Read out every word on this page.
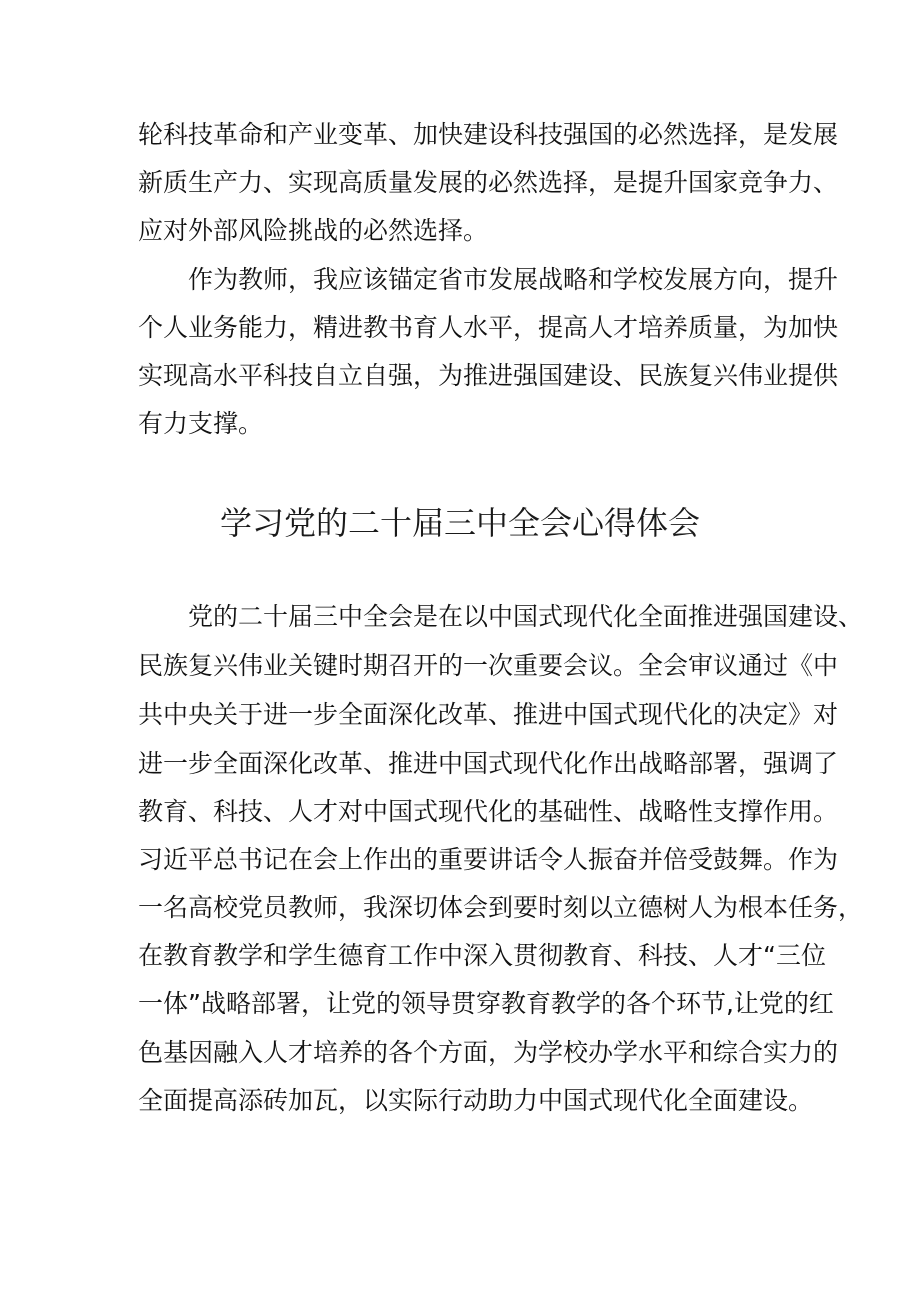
轮科技革命和产业变革、加快建设科技强国的必然选择，是发展
新质生产力、实现高质量发展的必然选择，是提升国家竞争力、
应对外部风险挑战的必然选择。
　　作为教师，我应该锚定省市发展战略和学校发展方向，提升
个人业务能力，精进教书育人水平，提高人才培养质量，为加快
实现高水平科技自立自强，为推进强国建设、民族复兴伟业提供
有力支撑。
学习党的二十届三中全会心得体会
　　党的二十届三中全会是在以中国式现代化全面推进强国建设、
民族复兴伟业关键时期召开的一次重要会议。全会审议通过《中
共中央关于进一步全面深化改革、推进中国式现代化的决定》对
进一步全面深化改革、推进中国式现代化作出战略部署，强调了
教育、科技、人才对中国式现代化的基础性、战略性支撑作用。
习近平总书记在会上作出的重要讲话令人振奋并倍受鼓舞。作为
一名高校党员教师，我深切体会到要时刻以立德树人为根本任务，
在教育教学和学生德育工作中深入贯彻教育、科技、人才“三位
一体”战略部署，让党的领导贯穿教育教学的各个环节,让党的红
色基因融入人才培养的各个方面，为学校办学水平和综合实力的
全面提高添砖加瓦，以实际行动助力中国式现代化全面建设。
